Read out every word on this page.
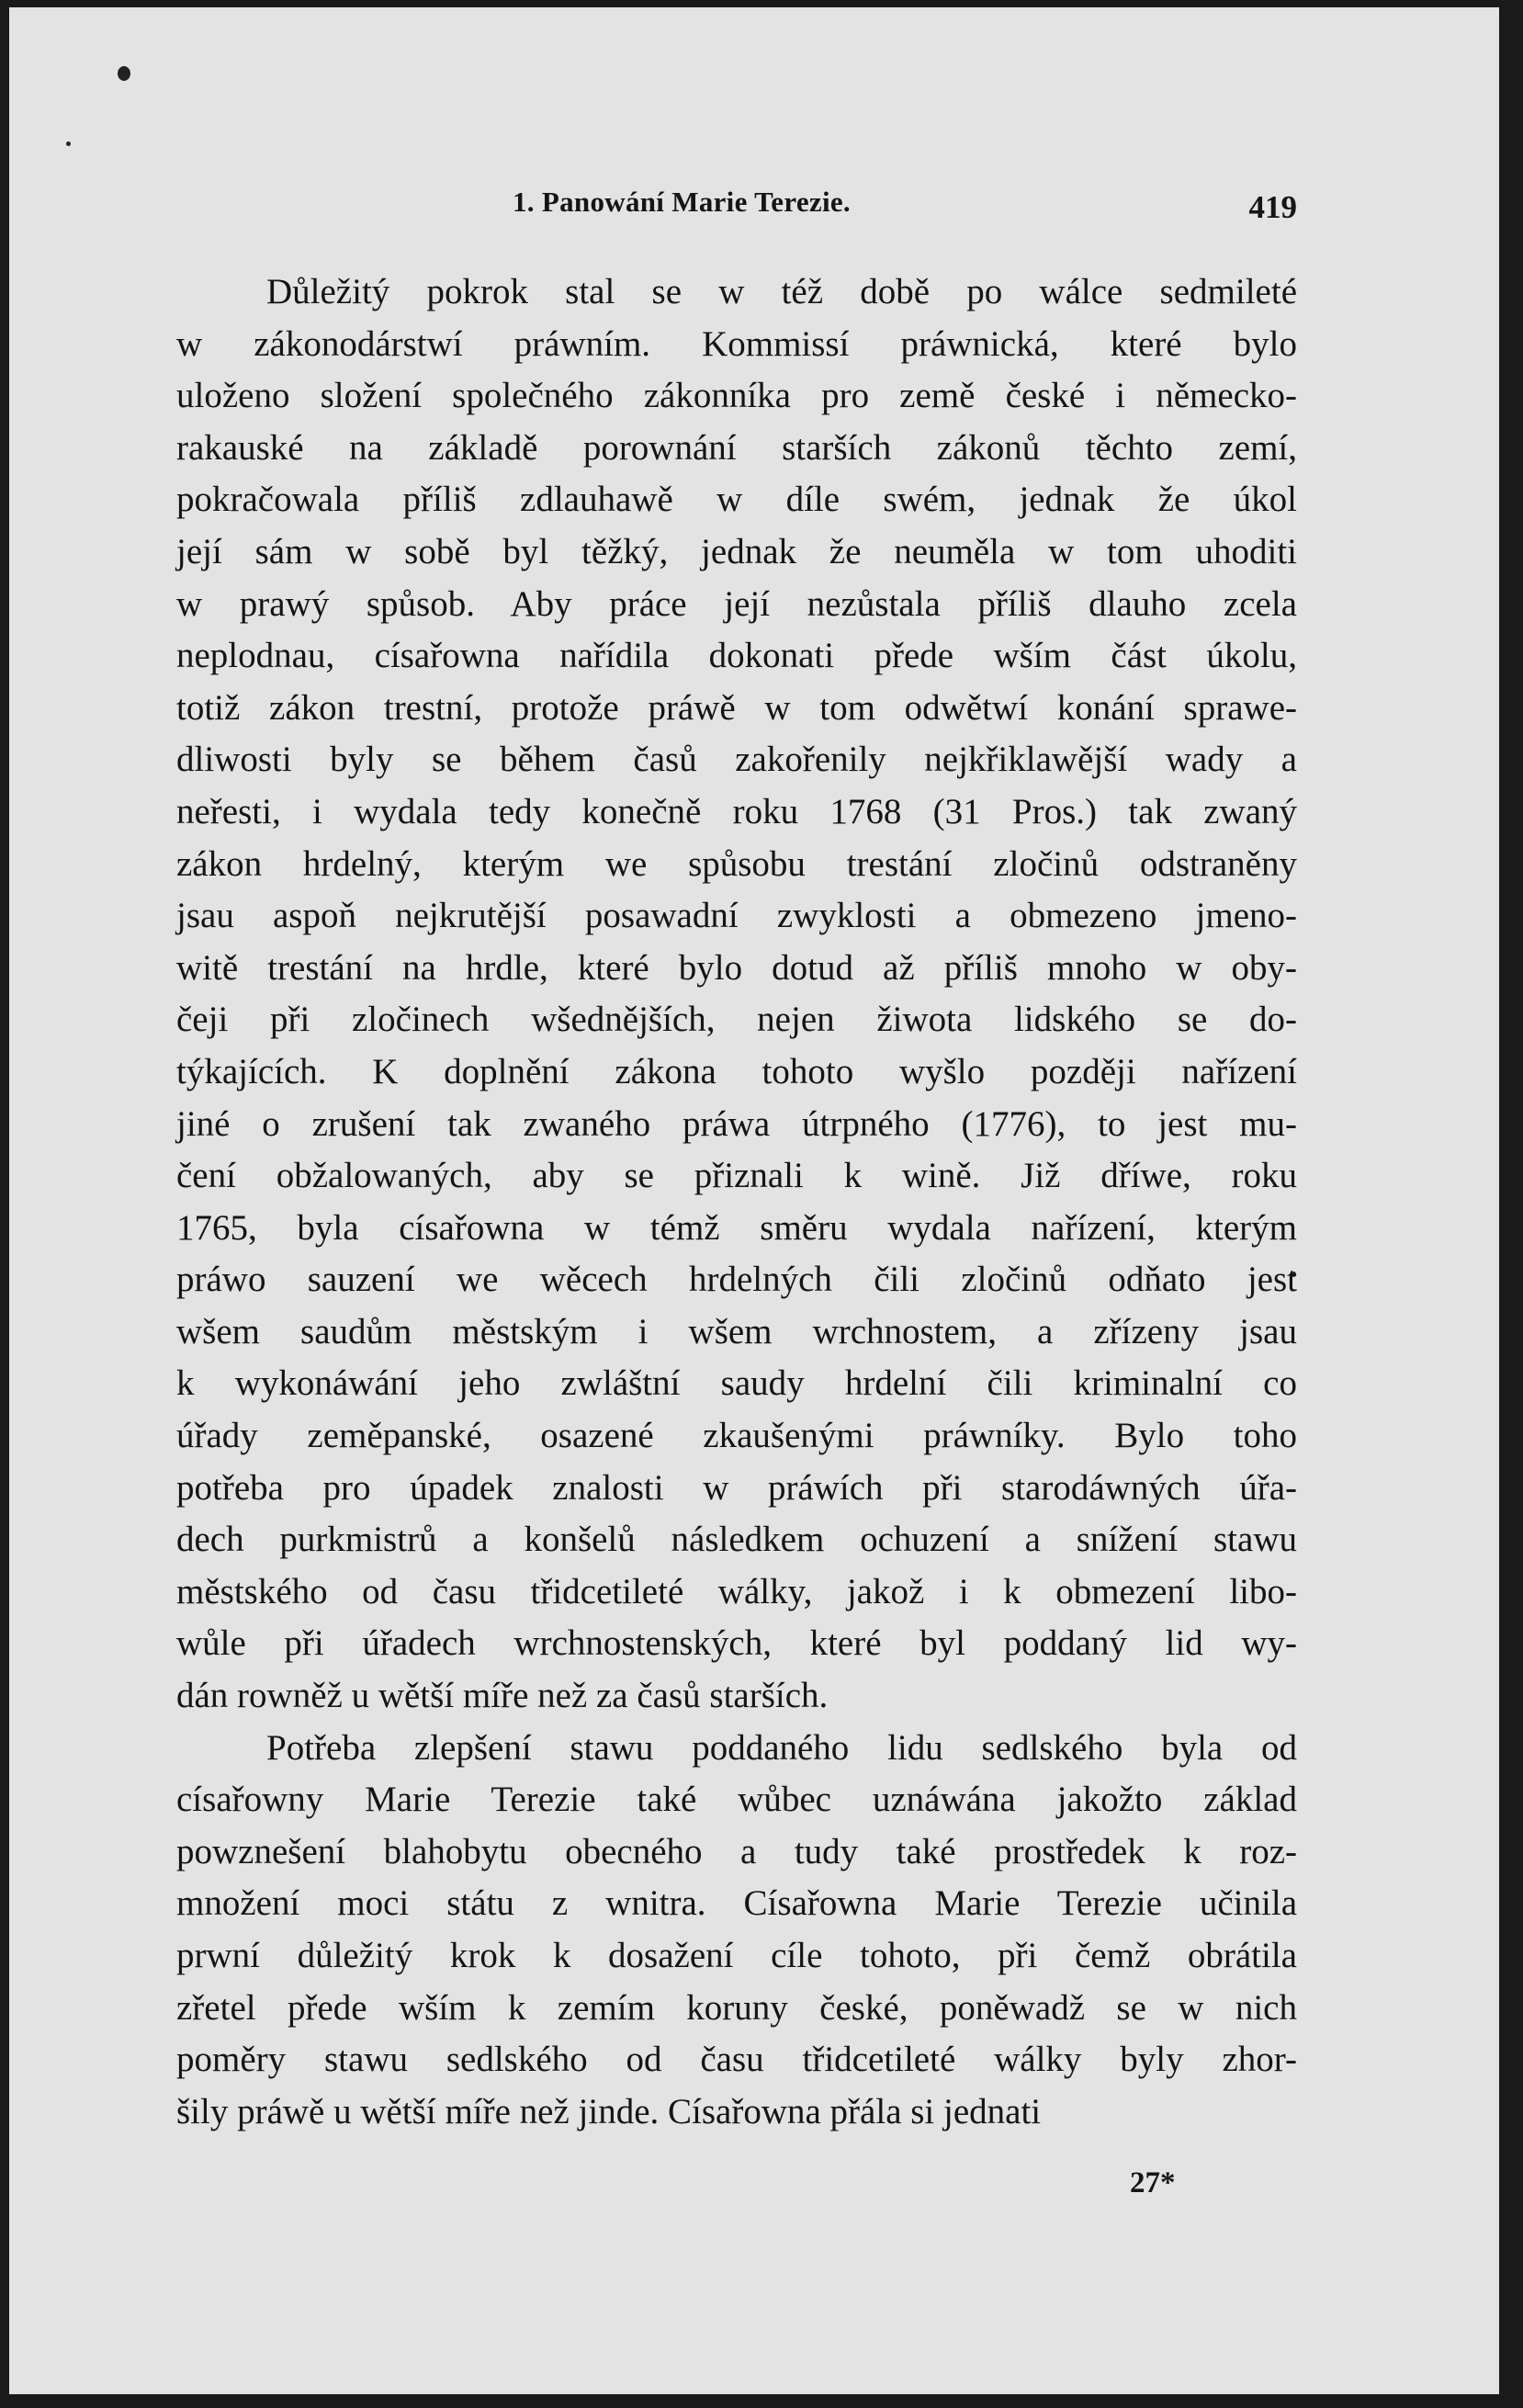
1. Panowání Marie Terezie.	419
Důležitý pokrok stal se w též době po wálce sedmileté
w zákonodárstwí práwním. Kommissí práwnická, které bylo
uloženo složení společného zákonníka pro země české i německo-
rakauské na základě porownání starších zákonů těchto zemí,
pokračowala příliš zdlauhawě w díle swém, jednak že úkol
její sám w sobě byl těžký, jednak že neuměla w tom uhoditi
w prawý spůsob. Aby práce její nezůstala příliš dlauho zcela
neplodnau, císařowna nařídila dokonati přede wším část úkolu,
totiž zákon trestní, protože práwě w tom odwětwí konání sprawe-
dliwosti byly se během časů zakořenily nejkřiklawější wady a
neřesti, i wydala tedy konečně roku 1768 (31 Pros.) tak zwaný
zákon hrdelný, kterým we spůsobu trestání zločinů odstraněny
jsau aspoň nejkrutější posawadní zwyklosti a obmezeno jmeno-
witě trestání na hrdle, které bylo dotud až příliš mnoho w oby-
čeji při zločinech wšednějších, nejen žiwota lidského se do-
týkajících. K doplnění zákona tohoto wyšlo později nařízení
jiné o zrušení tak zwaného práwa útrpného (1776), to jest mu-
čení obžalowaných, aby se přiznali k wině. Již dříwe, roku
1765, byla císařowna w témž směru wydala nařízení, kterým
práwo sauzení we wěcech hrdelných čili zločinů odňato jest
wšem saudům městským i wšem wrchnostem, a zřízeny jsau
k wykonáwání jeho zwláštní saudy hrdelní čili kriminalní co
úřady zeměpanské, osazené zkaušenými práwníky. Bylo toho
potřeba pro úpadek znalosti w práwích při starodáwných úřa-
dech purkmistrů a konšelů následkem ochuzení a snížení stawu
městského od času třidcetileté wálky, jakož i k obmezení libo-
wůle při úřadech wrchnostenských, které byl poddaný lid wy-
dán rowněž u wětší míře než za časů starších.
Potřeba zlepšení stawu poddaného lidu sedlského byla od
císařowny Marie Terezie také wůbec uznáwána jakožto základ
powznešení blahobytu obecného a tudy také prostředek k roz-
množení moci státu z wnitra. Císařowna Marie Terezie učinila
prwní důležitý krok k dosažení cíle tohoto, při čemž obrátila
zřetel přede wším k zemím koruny české, poněwadž se w nich
poměry stawu sedlského od času třidcetileté wálky byly zhor-
šily práwě u wětší míře než jinde. Císařowna přála si jednati
27*
